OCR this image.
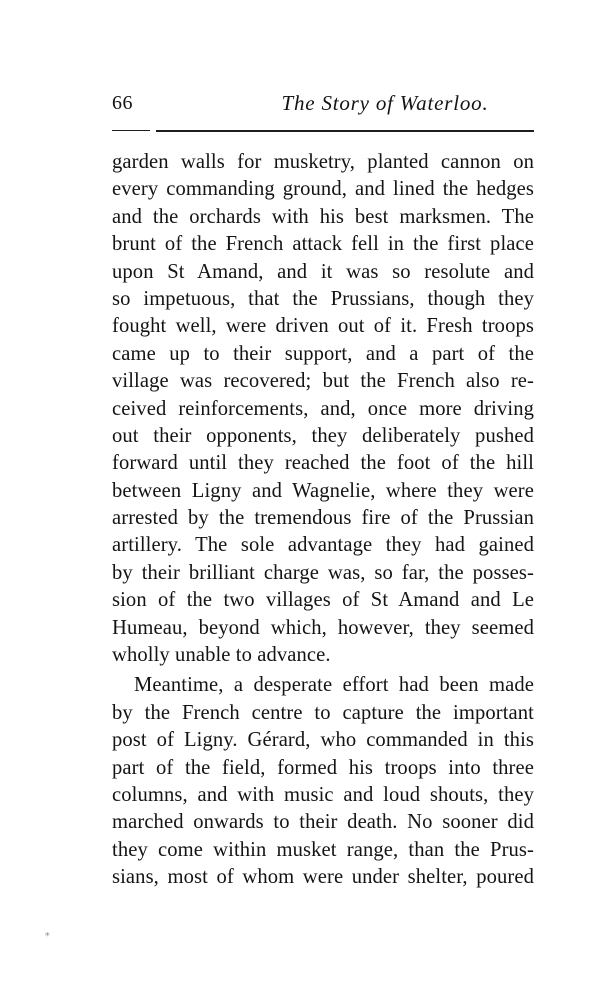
66	The Story of Waterloo.
garden walls for musketry, planted cannon on
every commanding ground, and lined the hedges
and the orchards with his best marksmen. The
brunt of the French attack fell in the first place
upon St Amand, and it was so resolute and
so impetuous, that the Prussians, though they
fought well, were driven out of it. Fresh troops
came up to their support, and a part of the
village was recovered; but the French also re-
ceived reinforcements, and, once more driving
out their opponents, they deliberately pushed
forward until they reached the foot of the hill
between Ligny and Wagnelie, where they were
arrested by the tremendous fire of the Prussian
artillery. The sole advantage they had gained
by their brilliant charge was, so far, the posses-
sion of the two villages of St Amand and Le
Humeau, beyond which, however, they seemed
wholly unable to advance.
Meantime, a desperate effort had been made
by the French centre to capture the important
post of Ligny. Gérard, who commanded in this
part of the field, formed his troops into three
columns, and with music and loud shouts, they
marched onwards to their death. No sooner did
they come within musket range, than the Prus-
sians, most of whom were under shelter, poured
*
